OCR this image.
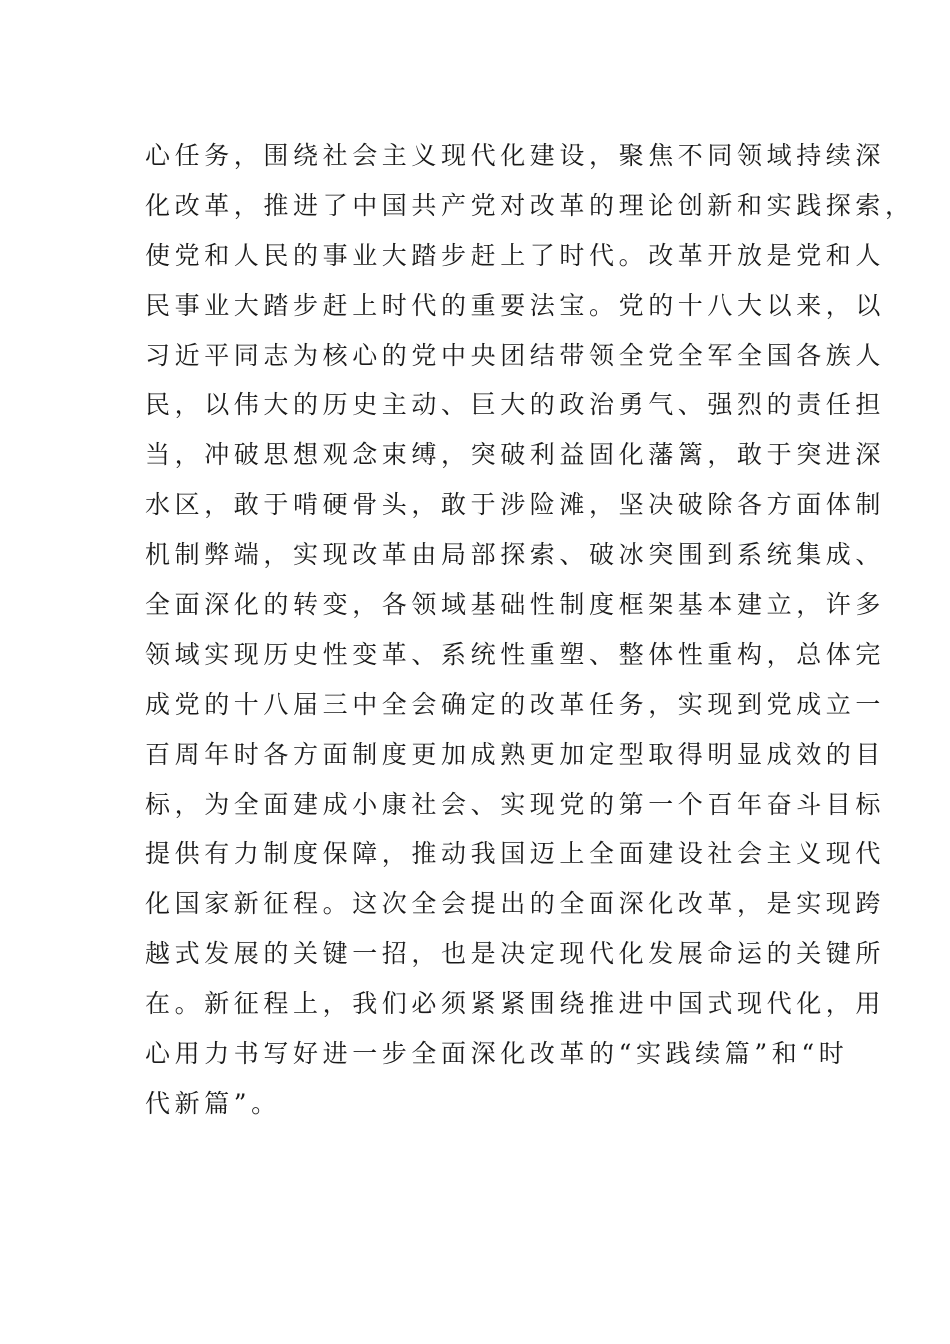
心任务，围绕社会主义现代化建设，聚焦不同领域持续深
化改革，推进了中国共产党对改革的理论创新和实践探索，
使党和人民的事业大踏步赶上了时代。改革开放是党和人
民事业大踏步赶上时代的重要法宝。党的十八大以来，以
习近平同志为核心的党中央团结带领全党全军全国各族人
民，以伟大的历史主动、巨大的政治勇气、强烈的责任担
当，冲破思想观念束缚，突破利益固化藩篱，敢于突进深
水区，敢于啃硬骨头，敢于涉险滩，坚决破除各方面体制
机制弊端，实现改革由局部探索、破冰突围到系统集成、
全面深化的转变，各领域基础性制度框架基本建立，许多
领域实现历史性变革、系统性重塑、整体性重构，总体完
成党的十八届三中全会确定的改革任务，实现到党成立一
百周年时各方面制度更加成熟更加定型取得明显成效的目
标，为全面建成小康社会、实现党的第一个百年奋斗目标
提供有力制度保障，推动我国迈上全面建设社会主义现代
化国家新征程。这次全会提出的全面深化改革，是实现跨
越式发展的关键一招，也是决定现代化发展命运的关键所
在。新征程上，我们必须紧紧围绕推进中国式现代化，用
心用力书写好进一步全面深化改革的“实践续篇”和“时
代新篇”。
